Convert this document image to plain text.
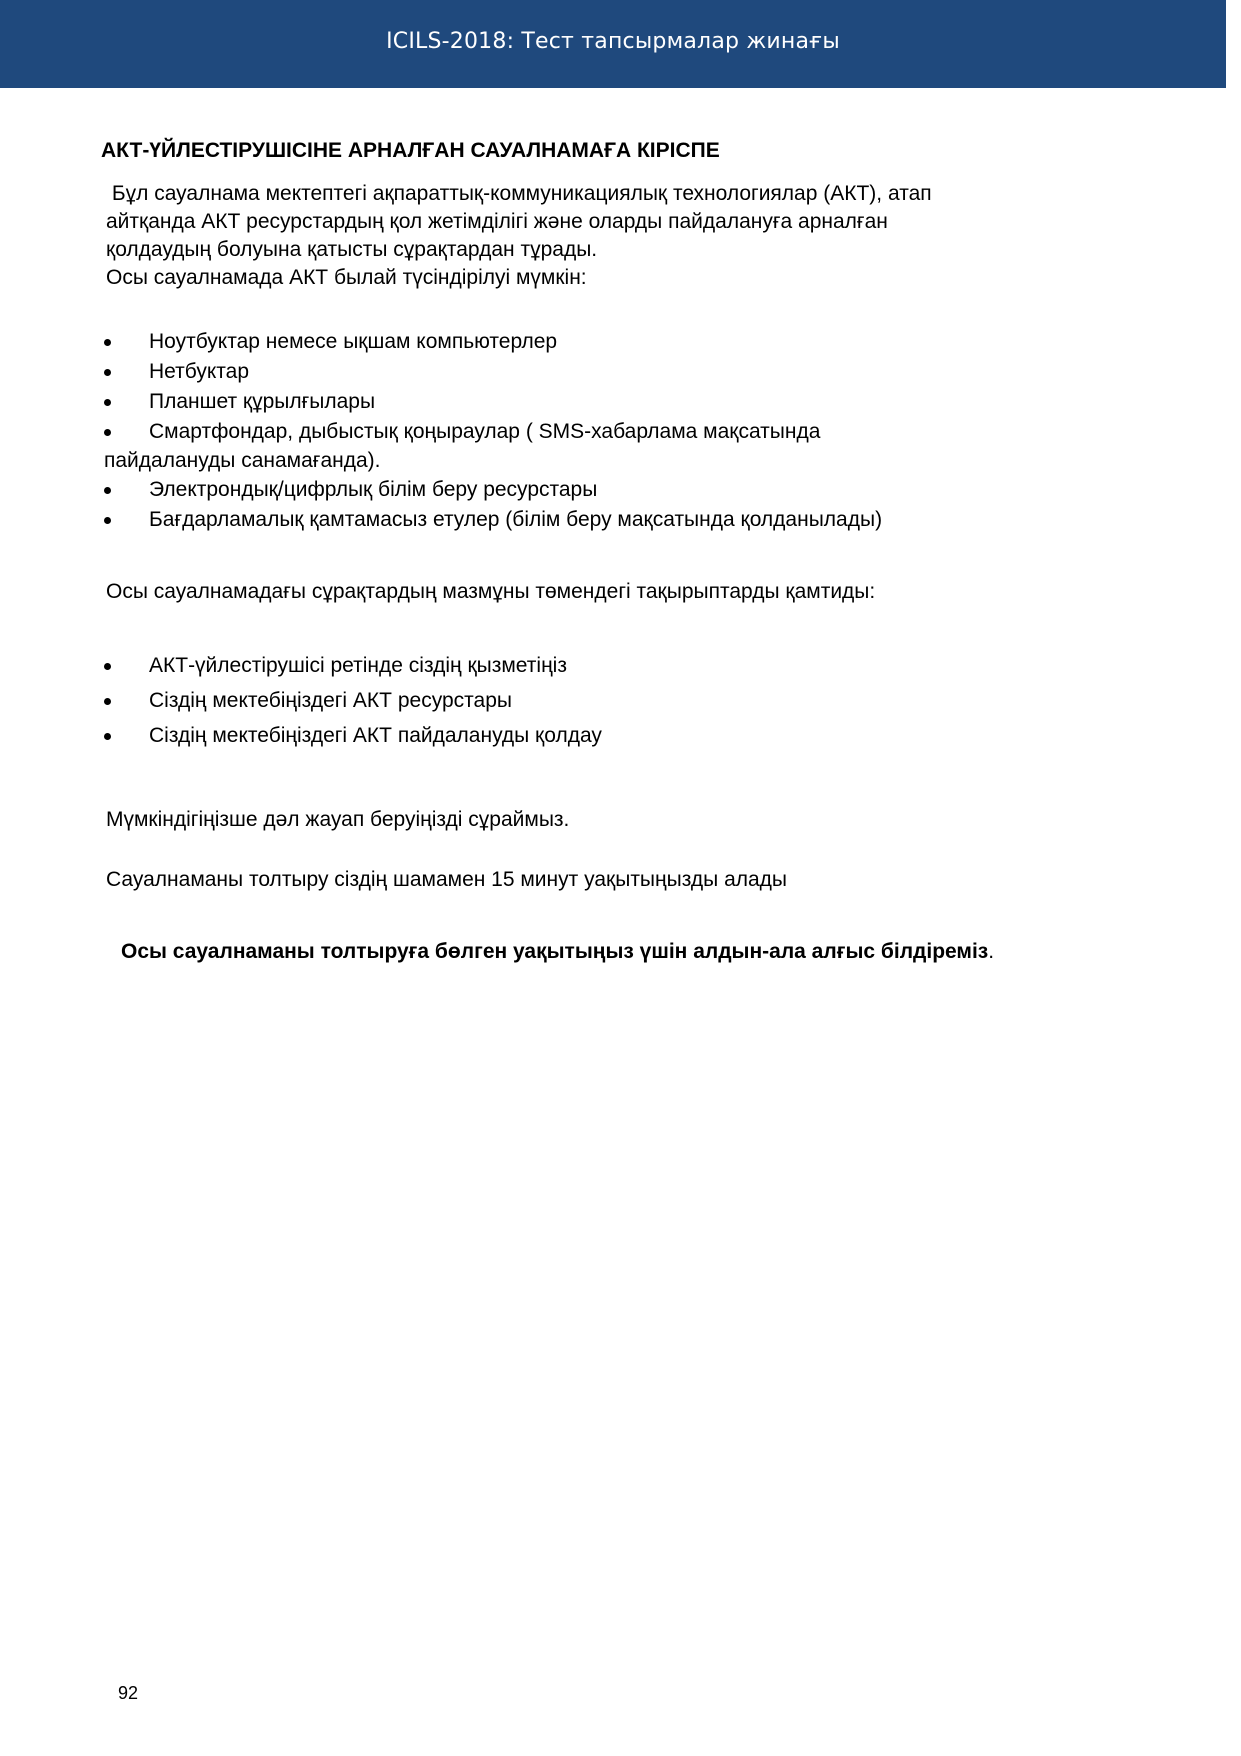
ICILS-2018: Тест тапсырмалар жинағы
АКТ-ҮЙЛЕСТІРУШІСІНЕ АРНАЛҒАН САУАЛНАМАҒА КІРІСПЕ
Бұл сауалнама мектептегі ақпараттық-коммуникациялық технологиялар (АКТ), атап
айтқанда АКТ ресурстардың қол жетімділігі және оларды пайдалануға арналған
қолдаудың болуына қатысты сұрақтардан тұрады.
Осы сауалнамада АКТ былай түсіндірілуі мүмкін:
Ноутбуктар немесе ықшам компьютерлер
Нетбуктар
Планшет құрылғылары
Смартфондар, дыбыстық қоңыраулар ( SMS-хабарлама мақсатында
пайдалануды санамағанда).
Электрондық/цифрлық білім беру ресурстары
Бағдарламалық қамтамасыз етулер (білім беру мақсатында қолданылады)

Осы сауалнамадағы сұрақтардың мазмұны төмендегі тақырыптарды қамтиды:

АКТ-үйлестірушісі ретінде сіздің қызметіңіз
Сіздің мектебіңіздегі АКТ ресурстары
Сіздің мектебіңіздегі АКТ пайдалануды қолдау

Мүмкіндігіңізше дәл жауап беруіңізді сұраймыз.

Сауалнаманы толтыру сіздің шамамен 15 минут уақытыңызды алады

Осы сауалнаманы толтыруға бөлген уақытыңыз үшін алдын-ала алғыс білдіреміз.

92
